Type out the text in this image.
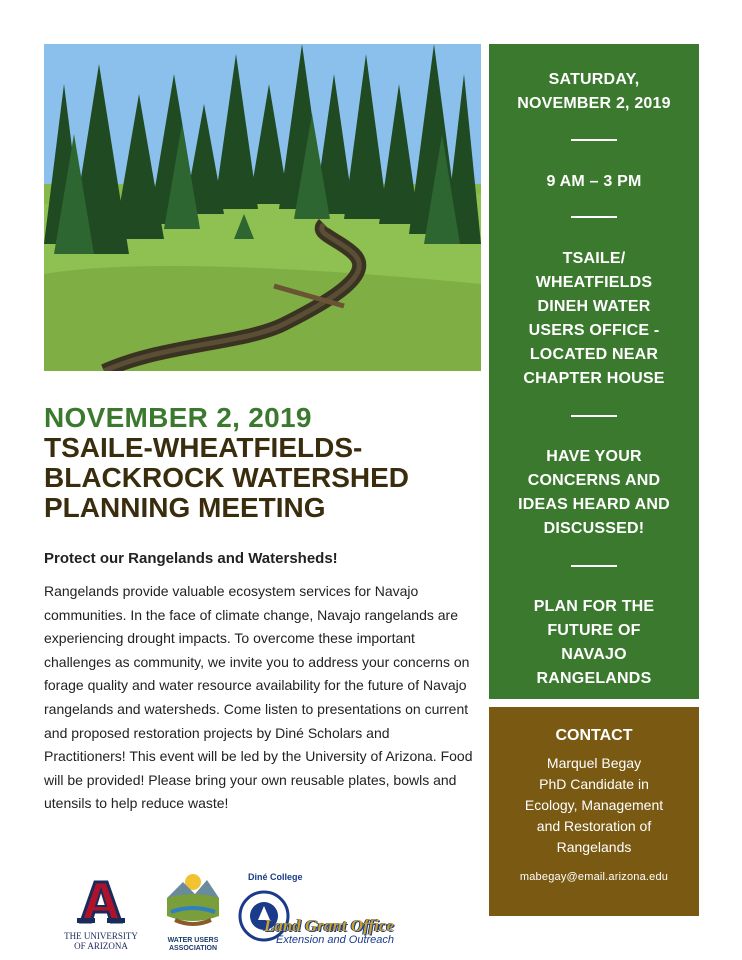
SATURDAY,
NOVEMBER 2, 2019
9 AM – 3 PM
TSAILE/
WHEATFIELDS
DINEH WATER
USERS OFFICE -
LOCATED NEAR
CHAPTER HOUSE
HAVE YOUR
CONCERNS AND
IDEAS HEARD AND
DISCUSSED!
PLAN FOR THE
FUTURE OF
NAVAJO
RANGELANDS
CONTACT
Marquel Begay
PhD Candidate in
Ecology, Management
and Restoration of
Rangelands
mabegay@email.arizona.edu
NOVEMBER 2, 2019
TSAILE-WHEATFIELDS-
BLACKROCK WATERSHED
PLANNING MEETING
Protect our Rangelands and Watersheds!
Rangelands provide valuable ecosystem services for Navajo communities. In the face of climate change, Navajo rangelands are experiencing drought impacts. To overcome these important challenges as community, we invite you to address your concerns on forage quality and water resource availability for the future of Navajo rangelands and watersheds. Come listen to presentations on current and proposed restoration projects by Diné Scholars and Practitioners! This event will be led by the University of Arizona. Food will be provided! Please bring your own reusable plates, bowls and utensils to help reduce waste!
THE UNIVERSITY
OF ARIZONA
WATER USERS
ASSOCIATION
Diné College
Land Grant Office
Extension and Outreach
